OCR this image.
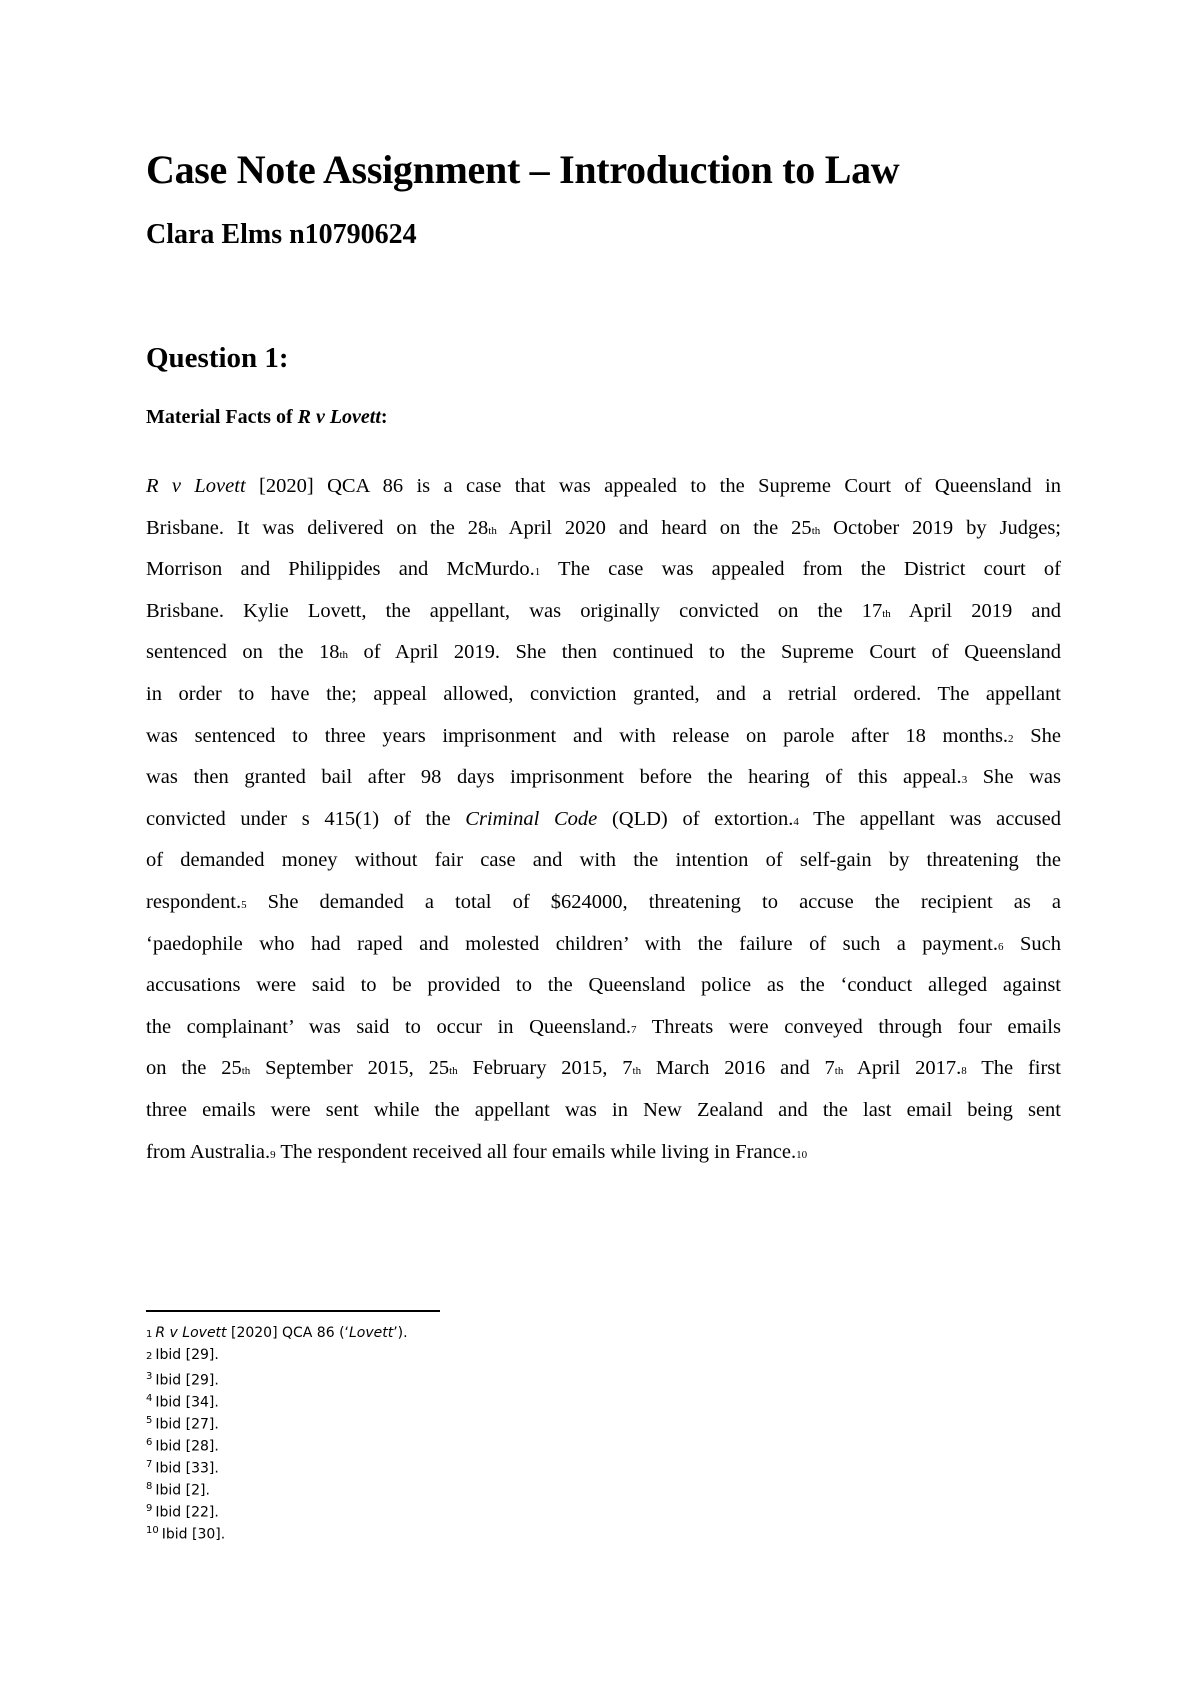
Case Note Assignment – Introduction to Law
Clara Elms n10790624
Question 1:
Material Facts of R v Lovett:
R v Lovett [2020] QCA 86 is a case that was appealed to the Supreme Court of Queensland in
Brisbane. It was delivered on the 28th April 2020 and heard on the 25th October 2019 by Judges;
Morrison and Philippides and McMurdo.1 The case was appealed from the District court of
Brisbane. Kylie Lovett, the appellant, was originally convicted on the 17th April 2019 and
sentenced on the 18th of April 2019. She then continued to the Supreme Court of Queensland
in order to have the; appeal allowed, conviction granted, and a retrial ordered. The appellant
was sentenced to three years imprisonment and with release on parole after 18 months.2 She
was then granted bail after 98 days imprisonment before the hearing of this appeal.3 She was
convicted under s 415(1) of the Criminal Code (QLD) of extortion.4 The appellant was accused
of demanded money without fair case and with the intention of self-gain by threatening the
respondent.5 She demanded a total of $624000, threatening to accuse the recipient as a
‘paedophile who had raped and molested children’ with the failure of such a payment.6 Such
accusations were said to be provided to the Queensland police as the ‘conduct alleged against
the complainant’ was said to occur in Queensland.7 Threats were conveyed through four emails
on the 25th September 2015, 25th February 2015, 7th March 2016 and 7th April 2017.8 The first
three emails were sent while the appellant was in New Zealand and the last email being sent
from Australia.9 The respondent received all four emails while living in France.10
1 R v Lovett [2020] QCA 86 (‘Lovett’).
2 Ibid [29].
$^3$ Ibid [29].
$^4$ Ibid [34].
$^5$ Ibid [27].
$^6$ Ibid [28].
$^7$ Ibid [33].
$^8$ Ibid [2].
$^9$ Ibid [22].
$^{10}$ Ibid [30].
